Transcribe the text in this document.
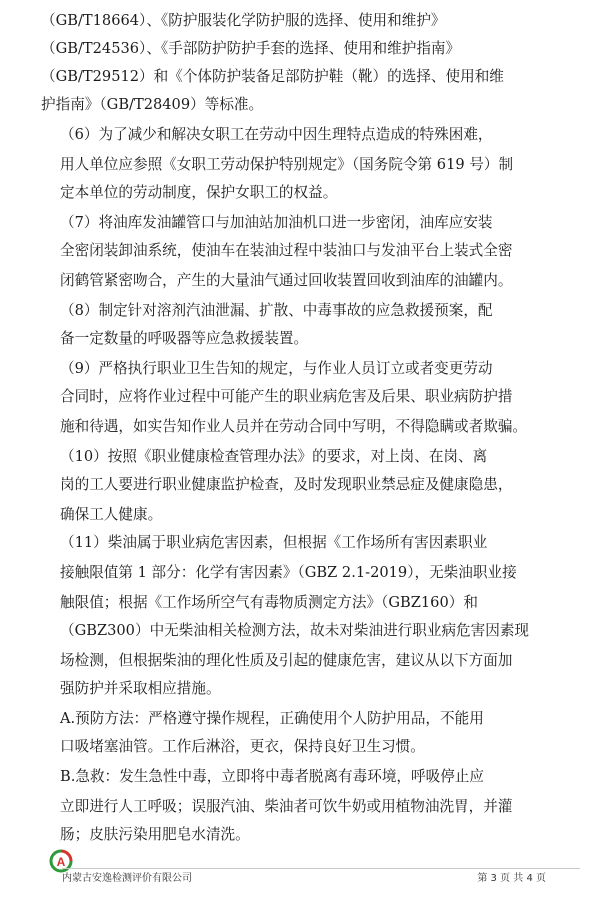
（GB/T18664）、《防护服装化学防护服的选择、使用和维护》
（GB/T24536）、《手部防护防护手套的选择、使用和维护指南》
（GB/T29512）和《个体防护装备足部防护鞋（靴）的选择、使用和维
护指南》（GB/T28409）等标准。
（6）为了减少和解决女职工在劳动中因生理特点造成的特殊困难，
用人单位应参照《女职工劳动保护特别规定》（国务院令第 619 号）制
定本单位的劳动制度，保护女职工的权益。
（7）将油库发油罐管口与加油站加油机口进一步密闭，油库应安装
全密闭装卸油系统，使油车在装油过程中装油口与发油平台上装式全密
闭鹤管紧密吻合，产生的大量油气通过回收装置回收到油库的油罐内。
（8）制定针对溶剂汽油泄漏、扩散、中毒事故的应急救援预案，配
备一定数量的呼吸器等应急救援装置。
（9）严格执行职业卫生告知的规定，与作业人员订立或者变更劳动
合同时，应将作业过程中可能产生的职业病危害及后果、职业病防护措
施和待遇，如实告知作业人员并在劳动合同中写明，不得隐瞒或者欺骗。
（10）按照《职业健康检查管理办法》的要求，对上岗、在岗、离
岗的工人要进行职业健康监护检查，及时发现职业禁忌症及健康隐患，
确保工人健康。
（11）柴油属于职业病危害因素，但根据《工作场所有害因素职业
接触限值第 1 部分：化学有害因素》（GBZ 2.1-2019），无柴油职业接
触限值；根据《工作场所空气有毒物质测定方法》（GBZ160）和
（GBZ300）中无柴油相关检测方法，故未对柴油进行职业病危害因素现
场检测，但根据柴油的理化性质及引起的健康危害，建议从以下方面加
强防护并采取相应措施。
A.预防方法：严格遵守操作规程，正确使用个人防护用品，不能用
口吸堵塞油管。工作后淋浴，更衣，保持良好卫生习惯。
B.急救：发生急性中毒，立即将中毒者脱离有毒环境，呼吸停止应
立即进行人工呼吸；误服汽油、柴油者可饮牛奶或用植物油洗胃，并灌
肠；皮肤污染用肥皂水清洗。
A
内蒙古安逸检测评价有限公司	第 3 页 共 4 页
